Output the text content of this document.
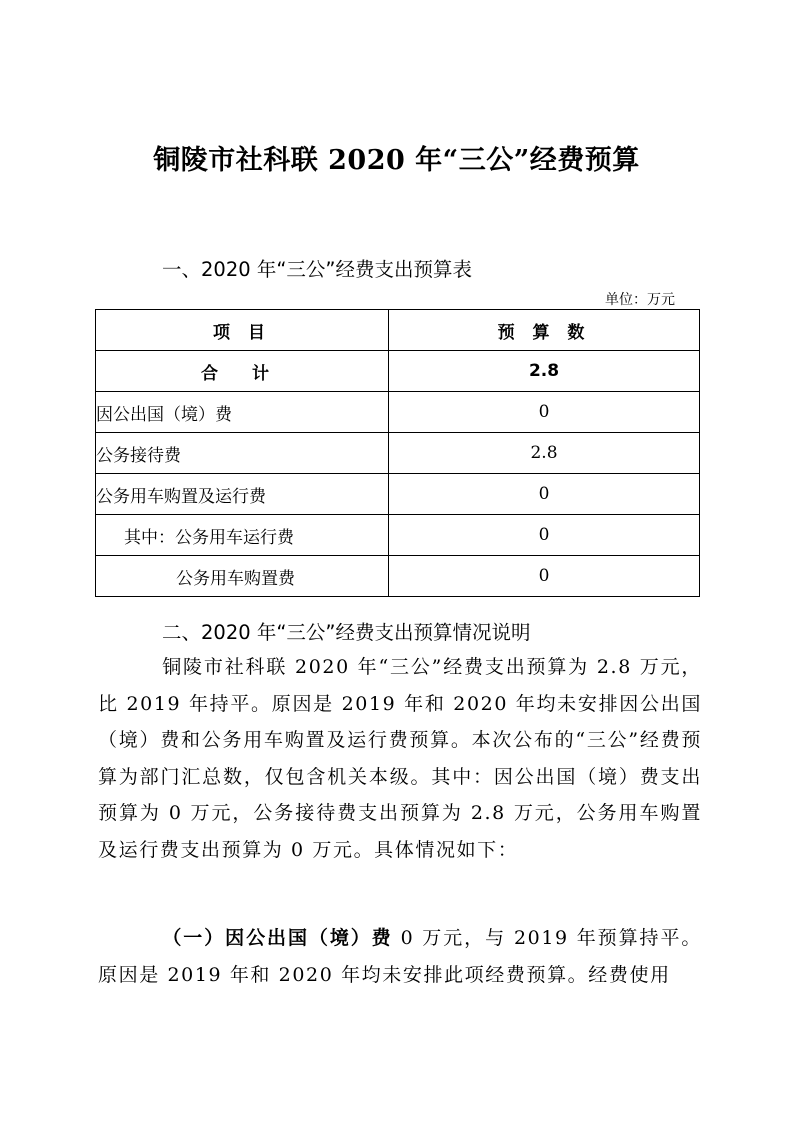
铜陵市社科联 2020 年“三公”经费预算
一、2020 年“三公”经费支出预算表
单位：万元
项 目	预 算 数
合 计	2.8
因公出国（境）费	0
公务接待费	2.8
公务用车购置及运行费	0
其中：公务用车运行费	0
公务用车购置费	0
二、2020 年“三公”经费支出预算情况说明
铜陵市社科联 2020 年“三公”经费支出预算为 2.8 万元，比 2019 年持平。原因是 2019 年和 2020 年均未安排因公出国（境）费和公务用车购置及运行费预算。本次公布的“三公”经费预算为部门汇总数，仅包含机关本级。其中：因公出国（境）费支出预算为 0 万元，公务接待费支出预算为 2.8 万元，公务用车购置及运行费支出预算为 0 万元。具体情况如下：
（一）因公出国（境）费 0 万元，与 2019 年预算持平。原因是 2019 年和 2020 年均未安排此项经费预算。经费使用
